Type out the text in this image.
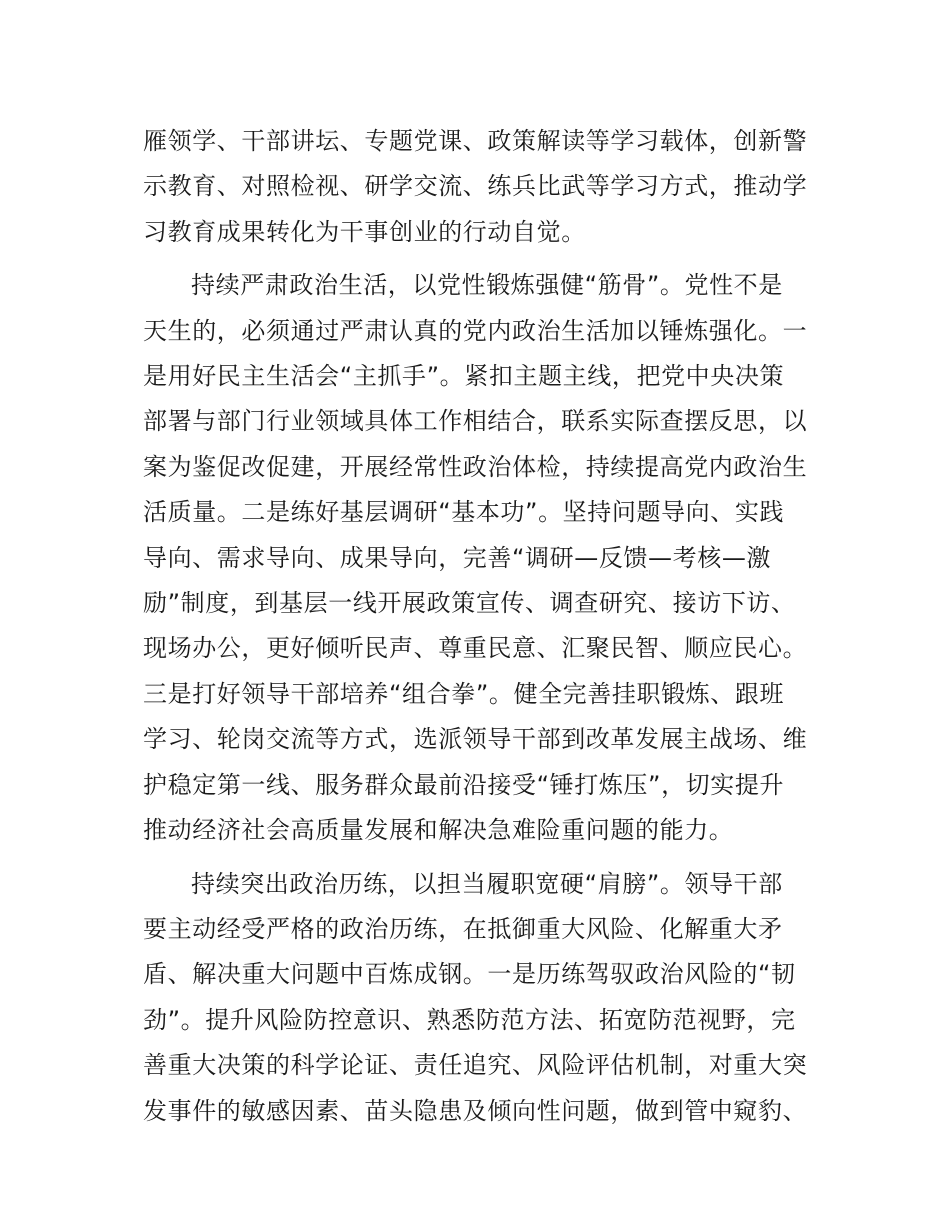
雁领学、干部讲坛、专题党课、政策解读等学习载体，创新警
示教育、对照检视、研学交流、练兵比武等学习方式，推动学
习教育成果转化为干事创业的行动自觉。

持续严肃政治生活，以党性锻炼强健“筋骨”。党性不是
天生的，必须通过严肃认真的党内政治生活加以锤炼强化。一
是用好民主生活会“主抓手”。紧扣主题主线，把党中央决策
部署与部门行业领域具体工作相结合，联系实际查摆反思，以
案为鉴促改促建，开展经常性政治体检，持续提高党内政治生
活质量。二是练好基层调研“基本功”。坚持问题导向、实践
导向、需求导向、成果导向，完善“调研—反馈—考核—激
励”制度，到基层一线开展政策宣传、调查研究、接访下访、
现场办公，更好倾听民声、尊重民意、汇聚民智、顺应民心。
三是打好领导干部培养“组合拳”。健全完善挂职锻炼、跟班
学习、轮岗交流等方式，选派领导干部到改革发展主战场、维
护稳定第一线、服务群众最前沿接受“锤打炼压”，切实提升
推动经济社会高质量发展和解决急难险重问题的能力。

持续突出政治历练，以担当履职宽硬“肩膀”。领导干部
要主动经受严格的政治历练，在抵御重大风险、化解重大矛
盾、解决重大问题中百炼成钢。一是历练驾驭政治风险的“韧
劲”。提升风险防控意识、熟悉防范方法、拓宽防范视野，完
善重大决策的科学论证、责任追究、风险评估机制，对重大突
发事件的敏感因素、苗头隐患及倾向性问题，做到管中窥豹、
